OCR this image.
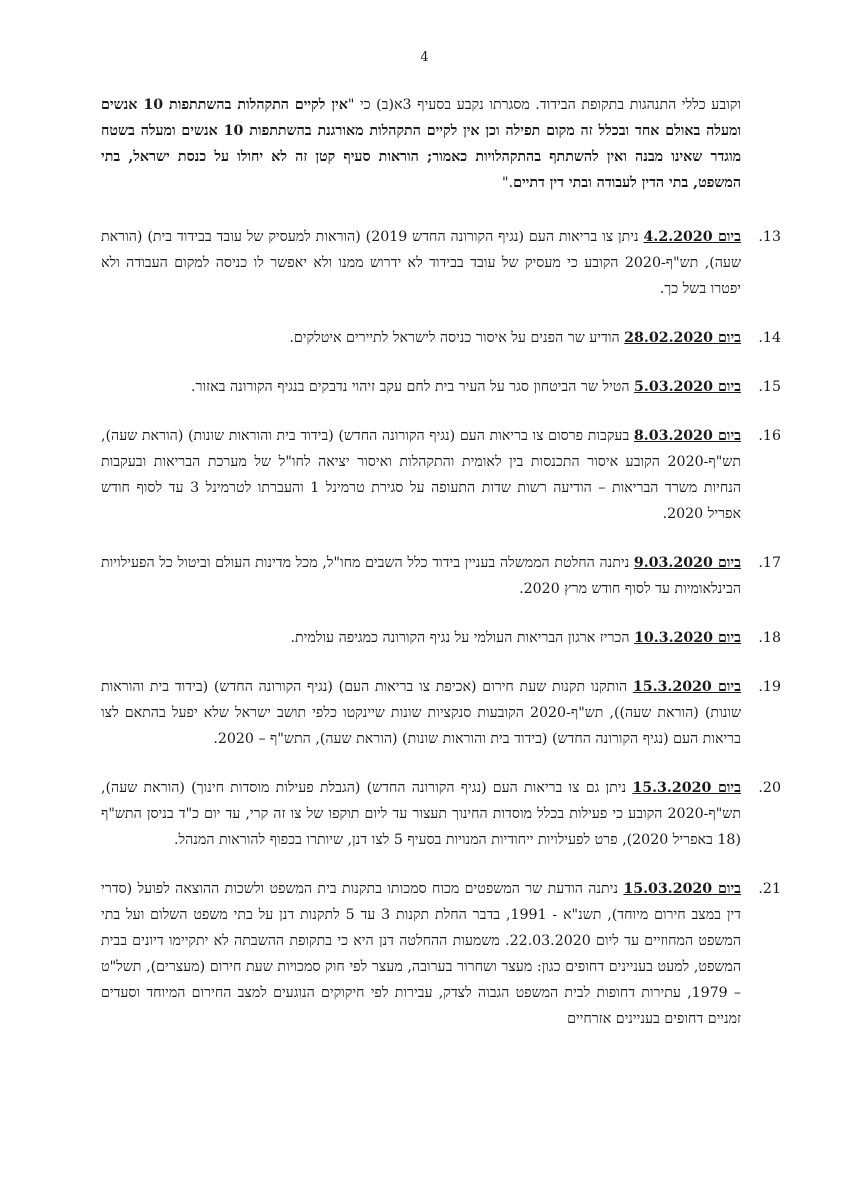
4

וקובע כללי התנהגות בתקופת הבידוד. מסגרתו נקבע בסעיף 3א(ב) כי "אין לקיים התקהלות בהשתתפות 10 אנשים ומעלה באולם אחד ובכלל זה מקום תפילה וכן אין לקיים התקהלות מאורגנת בהשתתפות 10 אנשים ומעלה בשטח מוגדר שאינו מבנה ואין להשתתף בהתקהלויות כאמור; הוראות סעיף קטן זה לא יחולו על כנסת ישראל, בתי המשפט, בתי הדין לעבודה ובתי דין דתיים."

.13

ביום 4.2.2020 ניתן צו בריאות העם (נגיף הקורונה החדש 2019) (הוראות למעסיק של עובד בבידוד בית) (הוראת שעה), תש"ף-2020 הקובע כי מעסיק של עובד בבידוד לא ידרוש ממנו ולא יאפשר לו כניסה למקום העבודה ולא יפטרו בשל כך.

.14

ביום 28.02.2020 הודיע שר הפנים על איסור כניסה לישראל לתיירים איטלקים.

.15

ביום 5.03.2020 הטיל שר הביטחון סגר על העיר בית לחם עקב זיהוי נדבקים בנגיף הקורונה באזור.

.16

ביום 8.03.2020 בעקבות פרסום צו בריאות העם (נגיף הקורונה החדש) (בידוד בית והוראות שונות) (הוראת שעה), תש"ף-2020 הקובע איסור התכנסות בין לאומית והתקהלות ואיסור יציאה לחו"ל של מערכת הבריאות ובעקבות הנחיות משרד הבריאות – הודיעה רשות שדות התעופה על סגירת טרמינל 1 והעברתו לטרמינל 3 עד לסוף חודש אפריל 2020.

.17

ביום 9.03.2020 ניתנה החלטת הממשלה בעניין בידוד כלל השבים מחו"ל, מכל מדינות העולם וביטול כל הפעילויות הבינלאומיות עד לסוף חודש מרץ 2020.

.18

ביום 10.3.2020 הכריז ארגון הבריאות העולמי על נגיף הקורונה כמגיפה עולמית.

.19

ביום 15.3.2020 הותקנו תקנות שעת חירום (אכיפת צו בריאות העם) (נגיף הקורונה החדש) (בידוד בית והוראות שונות) (הוראת שעה)), תש"ף-2020 הקובעות סנקציות שונות שיינקטו כלפי תושב ישראל שלא יפעל בהתאם לצו בריאות העם (נגיף הקורונה החדש) (בידוד בית והוראות שונות) (הוראת שעה), התש"ף – 2020.

.20

ביום 15.3.2020 ניתן גם צו בריאות העם (נגיף הקורונה החדש) (הגבלת פעילות מוסדות חינוך) (הוראת שעה), תש"ף-2020 הקובע כי פעילות בכלל מוסדות החינוך תעצור עד ליום תוקפו של צו זה קרי, עד יום כ"ד בניסן התש"ף (18 באפריל 2020), פרט לפעילויות ייחודיות המנויות בסעיף 5 לצו דנן, שיותרו בכפוף להוראות המנהל.

.21

ביום 15.03.2020 ניתנה הודעת שר המשפטים מכוח סמכותו בתקנות בית המשפט ולשכות ההוצאה לפועל (סדרי דין במצב חירום מיוחד), תשנ"א - 1991, בדבר החלת תקנות 3 עד 5 לתקנות דנן על בתי משפט השלום ועל בתי המשפט המחוזיים עד ליום 22.03.2020. משמעות ההחלטה דנן היא כי בתקופת ההשבתה לא יתקיימו דיונים בבית המשפט, למעט בעניינים דחופים כגון: מעצר ושחרור בערובה, מעצר לפי חוק סמכויות שעת חירום (מעצרים), תשל"ט – 1979, עתירות דחופות לבית המשפט הגבוה לצדק, עבירות לפי חיקוקים הנוגעים למצב החירום המיוחד וסעדים זמניים דחופים בעניינים אזרחיים
